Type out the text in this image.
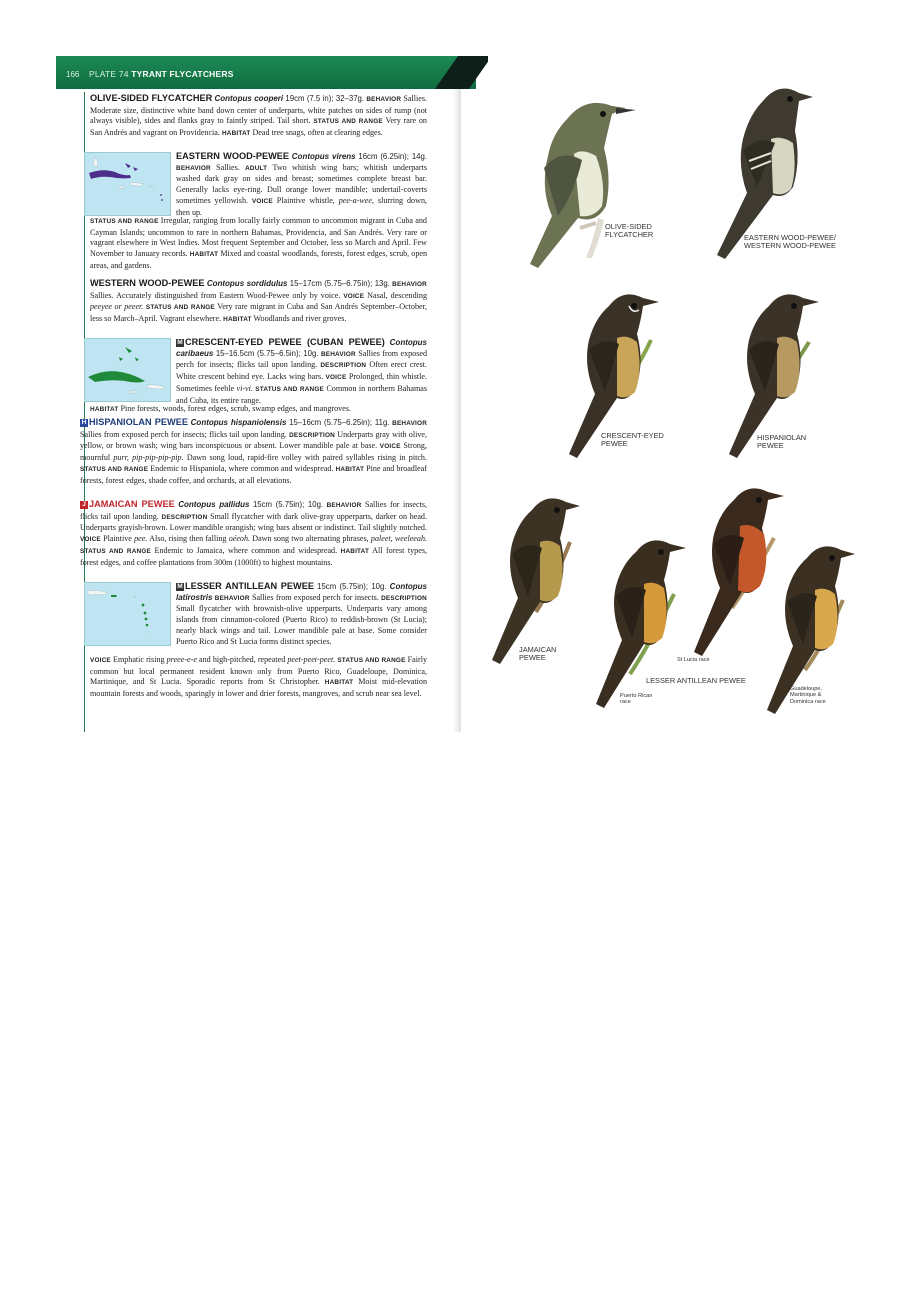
166 PLATE 74 TYRANT FLYCATCHERS
OLIVE-SIDED FLYCATCHER Contopus cooperi 19cm (7.5 in); 32–37g. BEHAVIOR Sallies. Moderate size, distinctive white band down center of underparts, white patches on sides of rump (not always visible), sides and flanks gray to faintly striped. Tail short. STATUS AND RANGE Very rare on San Andrés and vagrant on Providencia. HABITAT Dead tree snags, often at clearing edges.
EASTERN WOOD-PEWEE Contopus virens 16cm (6.25in); 14g. BEHAVIOR Sallies. ADULT Two whitish wing bars; whitish underparts washed dark gray on sides and breast; sometimes complete breast bar. Generally lacks eye-ring. Dull orange lower mandible; undertail-coverts sometimes yellowish. VOICE Plaintive whistle, pee-a-wee, slurring down, then up.
STATUS AND RANGE Irregular, ranging from locally fairly common to uncommon migrant in Cuba and Cayman Islands; uncommon to rare in northern Bahamas, Providencia, and San Andrés. Very rare or vagrant elsewhere in West Indies. Most frequent September and October, less so March and April. Few November to January records. HABITAT Mixed and coastal woodlands, forests, forest edges, scrub, open areas, and gardens.
WESTERN WOOD-PEWEE Contopus sordidulus 15–17cm (5.75–6.75in); 13g. BEHAVIOR Sallies. Accurately distinguished from Eastern Wood-Pewee only by voice. VOICE Nasal, descending peeyee or peeer. STATUS AND RANGE Very rare migrant in Cuba and San Andrés September–October, less so March–April. Vagrant elsewhere. HABITAT Woodlands and river groves.
M CRESCENT-EYED PEWEE (CUBAN PEWEE) Contopus caribaeus 15–16.5cm (5.75–6.5in); 10g. BEHAVIOR Sallies from exposed perch for insects; flicks tail upon landing. DESCRIPTION Often erect crest. White crescent behind eye. Lacks wing bars. VOICE Prolonged, thin whistle. Sometimes feeble vi-vi. STATUS AND RANGE Common in northern Bahamas and Cuba, its entire range.
HABITAT Pine forests, woods, forest edges, scrub, swamp edges, and mangroves.
H HISPANIOLAN PEWEE Contopus hispaniolensis 15–16cm (5.75–6.25in); 11g. BEHAVIOR Sallies from exposed perch for insects; flicks tail upon landing. DESCRIPTION Underparts gray with olive, yellow, or brown wash; wing bars inconspicuous or absent. Lower mandible pale at base. VOICE Strong, mournful purr, pip-pip-pip-pip. Dawn song loud, rapid-fire volley with paired syllables rising in pitch. STATUS AND RANGE Endemic to Hispaniola, where common and widespread. HABITAT Pine and broadleaf forests, forest edges, shade coffee, and orchards, at all elevations.
J JAMAICAN PEWEE Contopus pallidus 15cm (5.75in); 10g. BEHAVIOR Sallies for insects, flicks tail upon landing. DESCRIPTION Small flycatcher with dark olive-gray upperparts, darker on head. Underparts grayish-brown. Lower mandible orangish; wing bars absent or indistinct. Tail slightly notched. VOICE Plaintive pee. Also, rising then falling oéeoh. Dawn song two alternating phrases, paleet, weeleeah. STATUS AND RANGE Endemic to Jamaica, where common and widespread. HABITAT All forest types, forest edges, and coffee plantations from 300m (1000ft) to highest mountains.
M LESSER ANTILLEAN PEWEE 15cm (5.75in); 10g. Contopus latirostris BEHAVIOR Sallies from exposed perch for insects. DESCRIPTION Small flycatcher with brownish-olive upperparts. Underparts vary among islands from cinnamon-colored (Puerto Rico) to reddish-brown (St Lucia); nearly black wings and tail. Lower mandible pale at base. Some consider Puerto Rico and St Lucia forms distinct species.
VOICE Emphatic rising preee-e-e and high-pitched, repeated peet-peet-peet. STATUS AND RANGE Fairly common but local permanent resident known only from Puerto Rico, Guadeloupe, Dominica, Martinique, and St Lucia. Sporadic reports from St Christopher. HABITAT Moist mid-elevation mountain forests and woods, sparingly in lower and drier forests, mangroves, and scrub near sea level.
OLIVE-SIDED
FLYCATCHER	EASTERN WOOD-PEWEE/
WESTERN WOOD-PEWEE
CRESCENT-EYED
PEWEE
HISPANIOLAN
PEWEE
JAMAICAN
PEWEE
Puerto Rican
race
St Lucia race
Guadeloupe,
Martinique &
Dominica race
LESSER ANTILLEAN PEWEE
